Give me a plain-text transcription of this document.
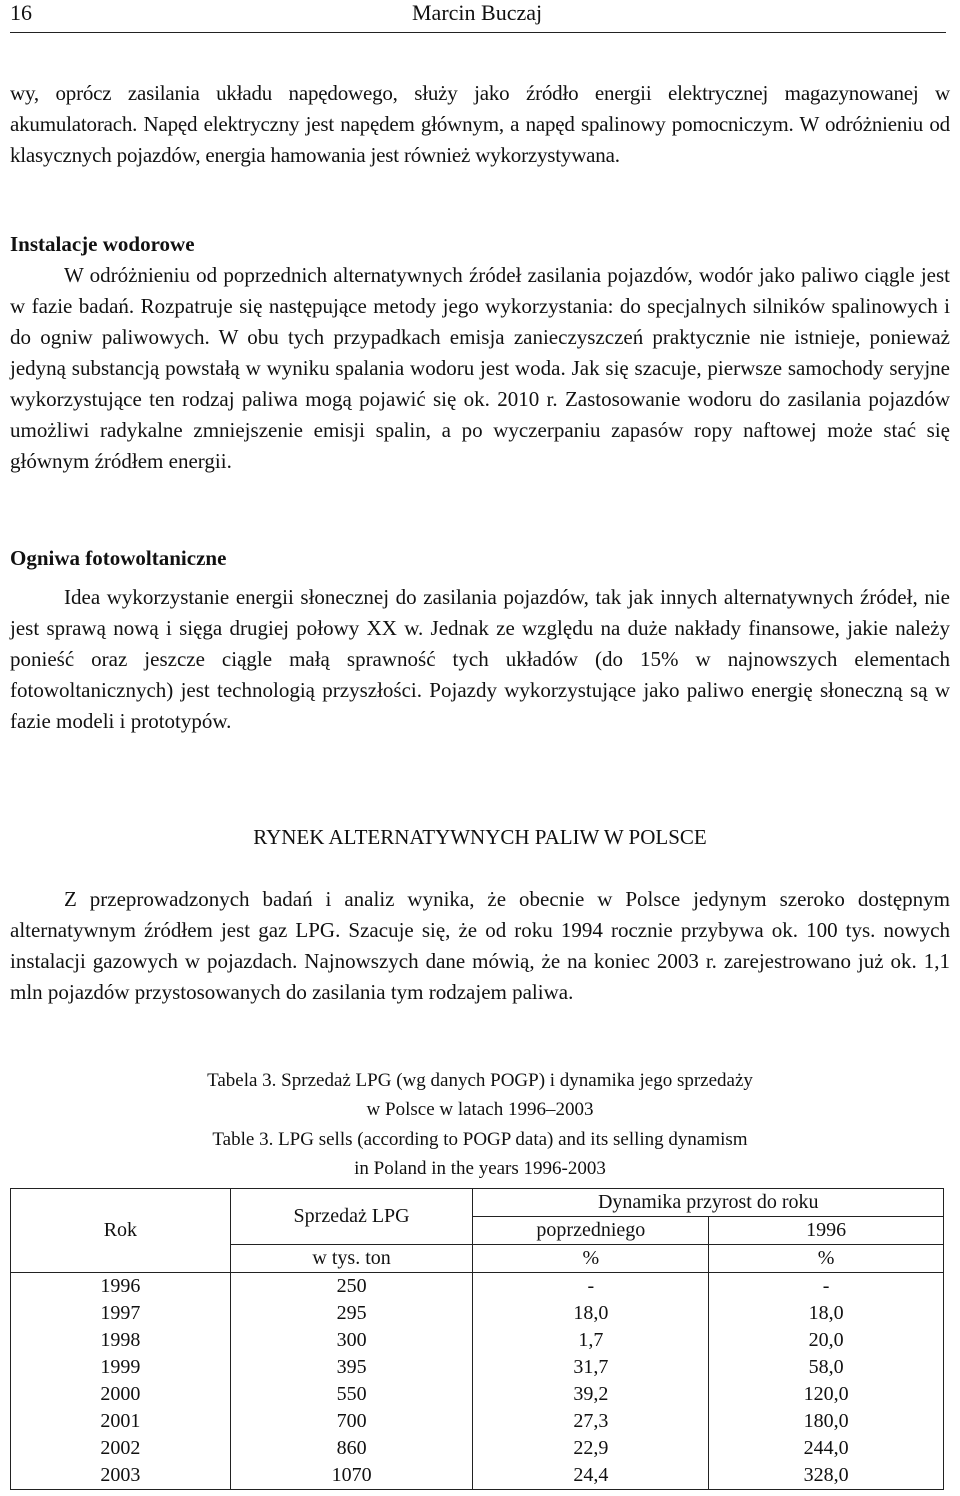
16	Marcin Buczaj

wy, oprócz zasilania układu napędowego, służy jako źródło energii elektrycznej magazynowanej w akumulatorach. Napęd elektryczny jest napędem głównym, a napęd spalinowy pomocniczym. W odróżnieniu od klasycznych pojazdów, energia hamowania jest również wykorzystywana.

Instalacje wodorowe

W odróżnieniu od poprzednich alternatywnych źródeł zasilania pojazdów, wodór jako paliwo ciągle jest w fazie badań. Rozpatruje się następujące metody jego wykorzystania: do specjalnych silników spalinowych i do ogniw paliwowych. W obu tych przypadkach emisja zanieczyszczeń praktycznie nie istnieje, ponieważ jedyną substancją powstałą w wyniku spalania wodoru jest woda. Jak się szacuje, pierwsze samochody seryjne wykorzystujące ten rodzaj paliwa mogą pojawić się ok. 2010 r. Zastosowanie wodoru do zasilania pojazdów umożliwi radykalne zmniejszenie emisji spalin, a po wyczerpaniu zapasów ropy naftowej może stać się głównym źródłem energii.

Ogniwa fotowoltaniczne

Idea wykorzystanie energii słonecznej do zasilania pojazdów, tak jak innych alternatywnych źródeł, nie jest sprawą nową i sięga drugiej połowy XX w. Jednak ze względu na duże nakłady finansowe, jakie należy ponieść oraz jeszcze ciągle małą sprawność tych układów (do 15% w najnowszych elementach fotowoltanicznych) jest technologią przyszłości. Pojazdy wykorzystujące jako paliwo energię słoneczną są w fazie modeli i prototypów.

RYNEK ALTERNATYWNYCH PALIW W POLSCE

Z przeprowadzonych badań i analiz wynika, że obecnie w Polsce jedynym szeroko dostępnym alternatywnym źródłem jest gaz LPG. Szacuje się, że od roku 1994 rocznie przybywa ok. 100 tys. nowych instalacji gazowych w pojazdach. Najnowszych dane mówią, że na koniec 2003 r. zarejestrowano już ok. 1,1 mln pojazdów przystosowanych do zasilania tym rodzajem paliwa.

Tabela 3. Sprzedaż LPG (wg danych POGP) i dynamika jego sprzedaży
w Polsce w latach 1996–2003
Table 3. LPG sells (according to POGP data) and its selling dynamism
in Poland in the years 1996-2003
Rok	Sprzedaż LPG	Dynamika przyrost do roku	
		poprzedniego	1996
	w tys. ton	%	%
1996	250	-	-
1997	295	18,0	18,0
1998	300	1,7	20,0
1999	395	31,7	58,0
2000	550	39,2	120,0
2001	700	27,3	180,0
2002	860	22,9	244,0
2003	1070	24,4	328,0
